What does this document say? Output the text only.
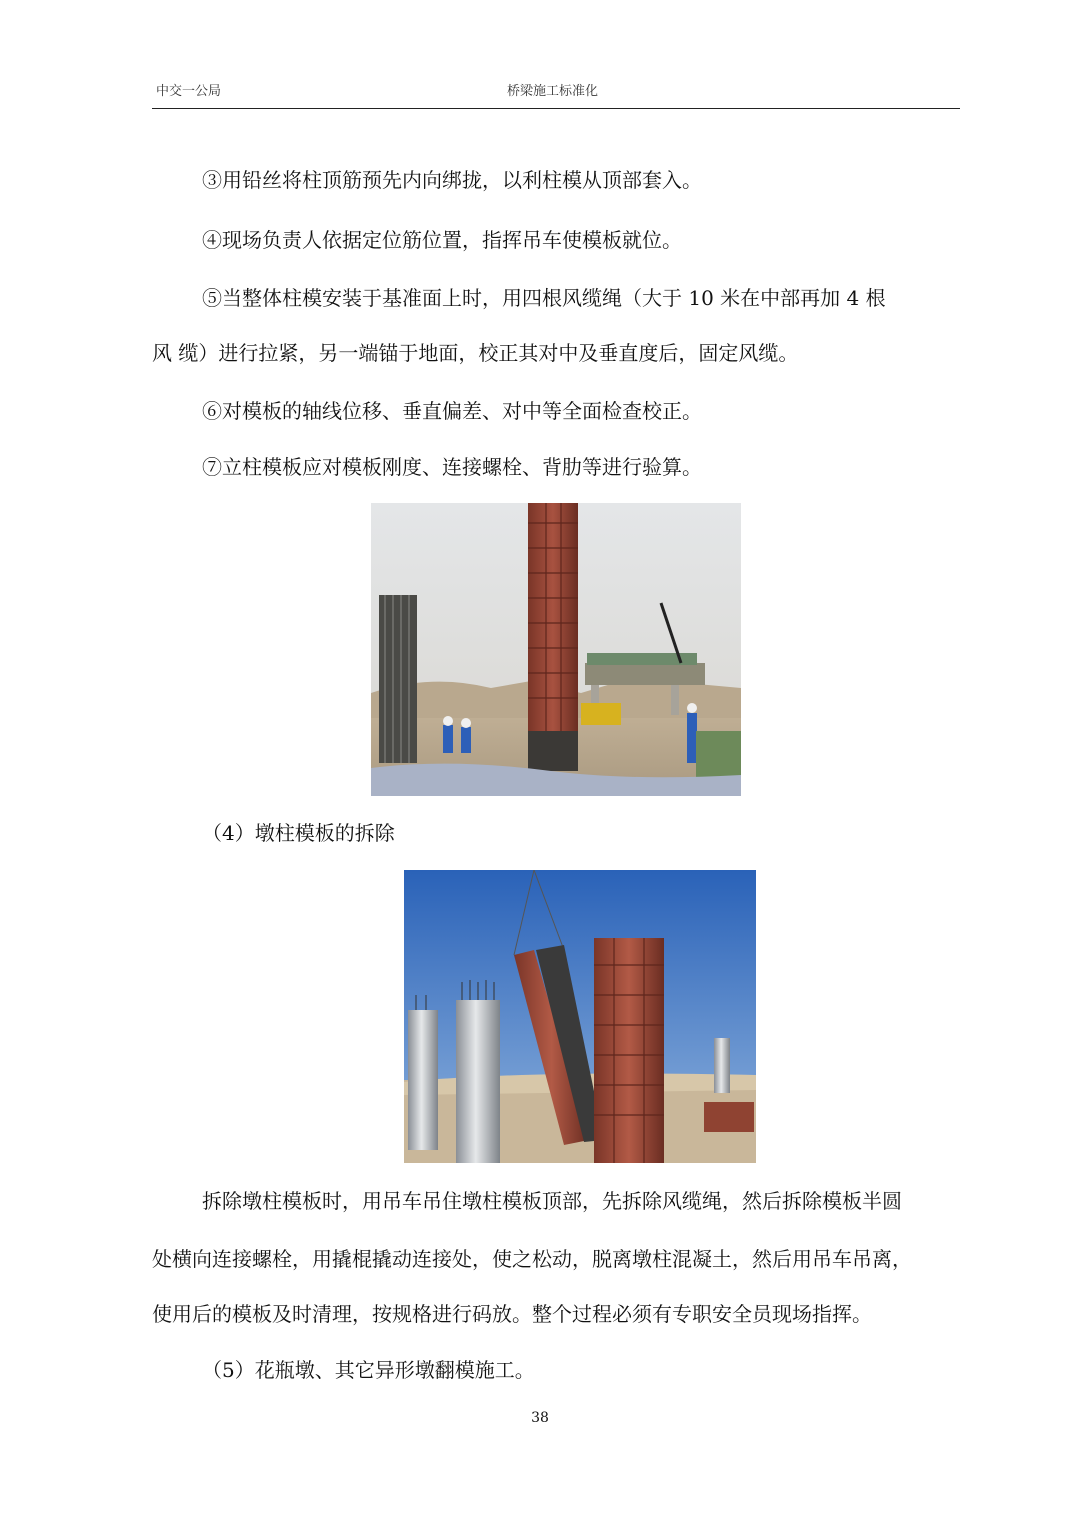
中交一公局	桥梁施工标准化
③用铅丝将柱顶筋预先内向绑拢，以利柱模从顶部套入。
④现场负责人依据定位筋位置，指挥吊车使模板就位。
⑤当整体柱模安装于基准面上时，用四根风缆绳（大于 10 米在中部再加 4 根
风 缆）进行拉紧，另一端锚于地面，校正其对中及垂直度后，固定风缆。
⑥对模板的轴线位移、垂直偏差、对中等全面检查校正。
⑦立柱模板应对模板刚度、连接螺栓、背肋等进行验算。
（4）墩柱模板的拆除
拆除墩柱模板时，用吊车吊住墩柱模板顶部，先拆除风缆绳，然后拆除模板半圆
处横向连接螺栓，用撬棍撬动连接处，使之松动，脱离墩柱混凝土，然后用吊车吊离，
使用后的模板及时清理，按规格进行码放。整个过程必须有专职安全员现场指挥。
（5）花瓶墩、其它异形墩翻模施工。
38
